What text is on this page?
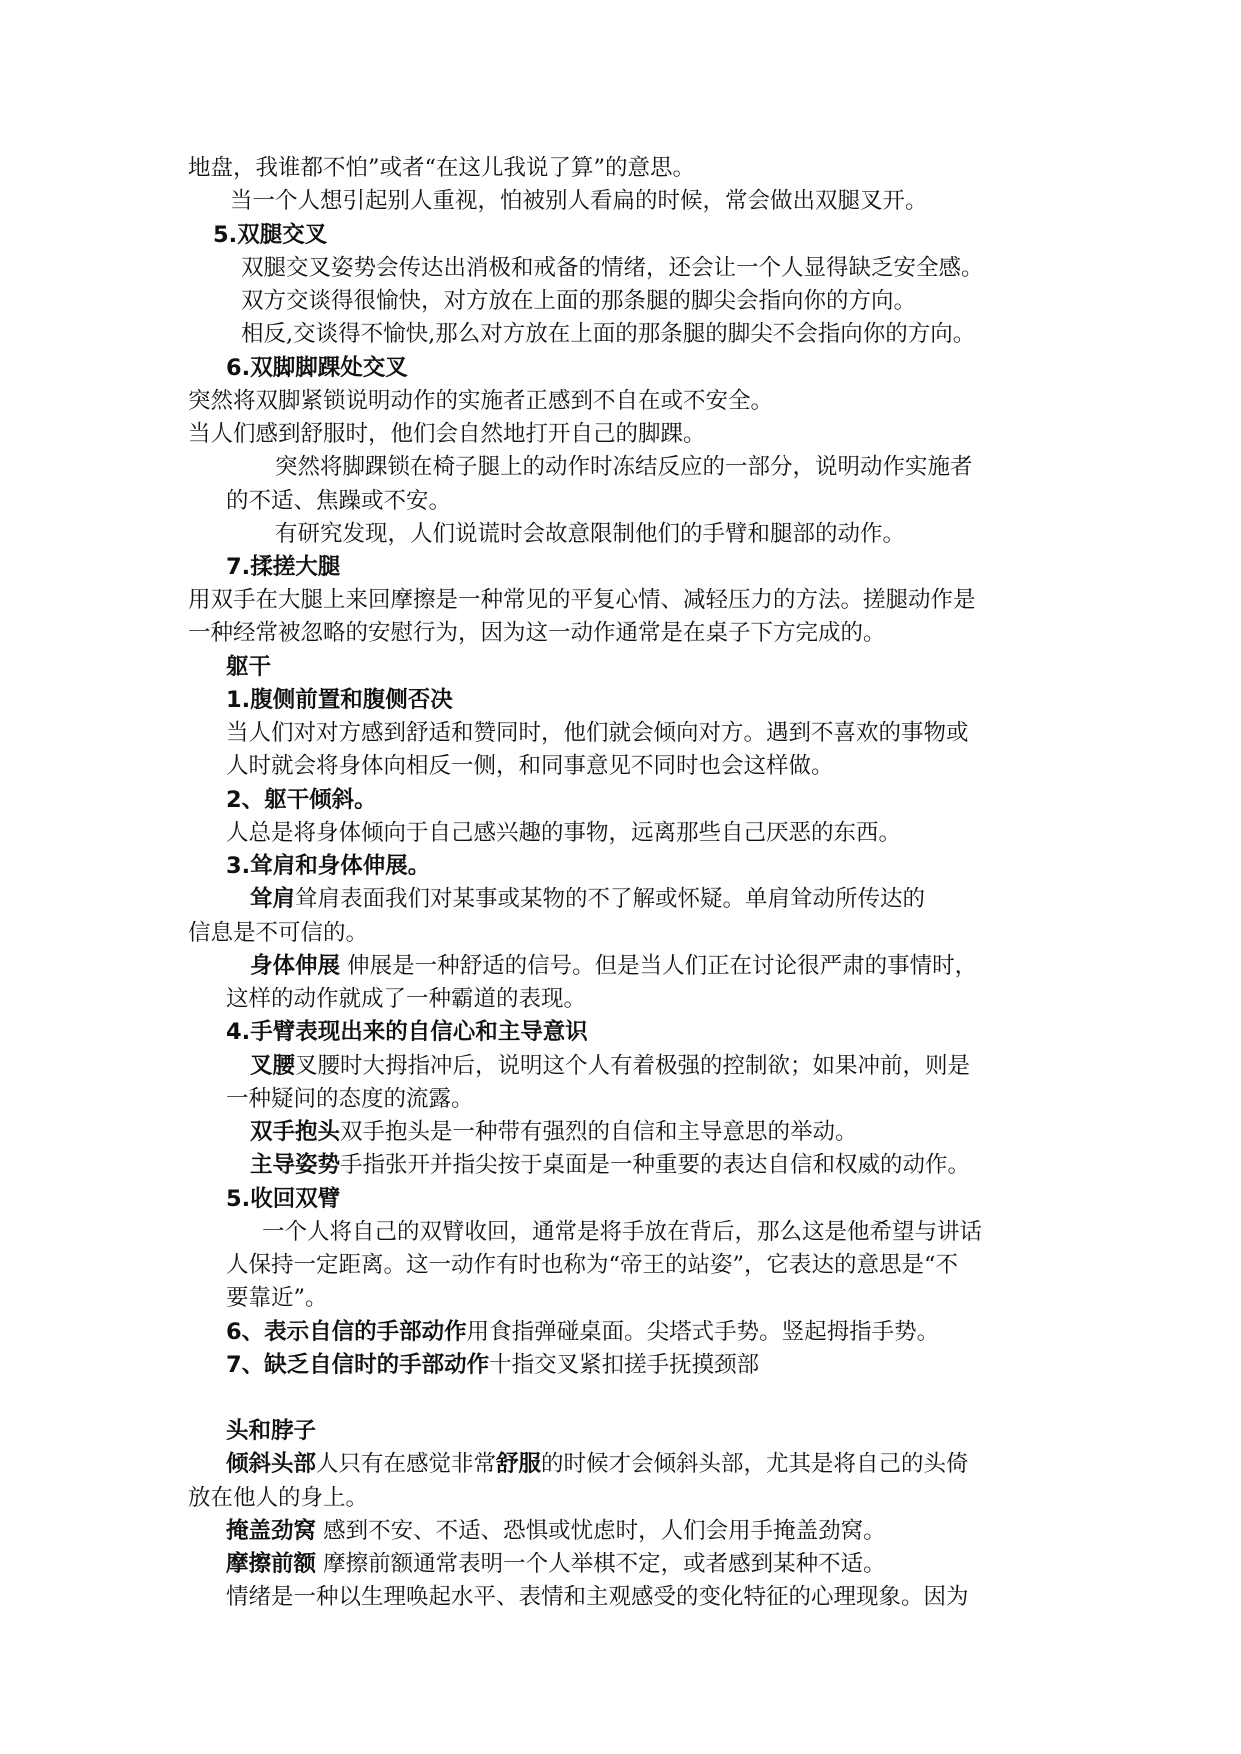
地盘，我谁都不怕”或者“在这儿我说了算”的意思。
当一个人想引起别人重视，怕被别人看扁的时候，常会做出双腿叉开。
5.双腿交叉
双腿交叉姿势会传达出消极和戒备的情绪，还会让一个人显得缺乏安全感。
双方交谈得很愉快，对方放在上面的那条腿的脚尖会指向你的方向。
相反,交谈得不愉快,那么对方放在上面的那条腿的脚尖不会指向你的方向。
6.双脚脚踝处交叉
突然将双脚紧锁说明动作的实施者正感到不自在或不安全。
当人们感到舒服时，他们会自然地打开自己的脚踝。
突然将脚踝锁在椅子腿上的动作时冻结反应的一部分，说明动作实施者
的不适、焦躁或不安。
有研究发现，人们说谎时会故意限制他们的手臂和腿部的动作。
7.揉搓大腿
用双手在大腿上来回摩擦是一种常见的平复心情、减轻压力的方法。搓腿动作是
一种经常被忽略的安慰行为，因为这一动作通常是在桌子下方完成的。
躯干
1.腹侧前置和腹侧否决
当人们对对方感到舒适和赞同时，他们就会倾向对方。遇到不喜欢的事物或
人时就会将身体向相反一侧，和同事意见不同时也会这样做。
2、躯干倾斜。
人总是将身体倾向于自己感兴趣的事物，远离那些自己厌恶的东西。
3.耸肩和身体伸展。
耸肩耸肩表面我们对某事或某物的不了解或怀疑。单肩耸动所传达的
信息是不可信的。
身体伸展 伸展是一种舒适的信号。但是当人们正在讨论很严肃的事情时，
这样的动作就成了一种霸道的表现。
4.手臂表现出来的自信心和主导意识
叉腰叉腰时大拇指冲后，说明这个人有着极强的控制欲；如果冲前，则是
一种疑问的态度的流露。
双手抱头双手抱头是一种带有强烈的自信和主导意思的举动。
主导姿势手指张开并指尖按于桌面是一种重要的表达自信和权威的动作。
5.收回双臂
一个人将自己的双臂收回，通常是将手放在背后，那么这是他希望与讲话
人保持一定距离。这一动作有时也称为“帝王的站姿”，它表达的意思是“不
要靠近”。
6、表示自信的手部动作用食指弹碰桌面。尖塔式手势。竖起拇指手势。
7、缺乏自信时的手部动作十指交叉紧扣搓手抚摸颈部
头和脖子
倾斜头部人只有在感觉非常舒服的时候才会倾斜头部，尤其是将自己的头倚
放在他人的身上。
掩盖劲窝 感到不安、不适、恐惧或忧虑时，人们会用手掩盖劲窝。
摩擦前额 摩擦前额通常表明一个人举棋不定，或者感到某种不适。
情绪是一种以生理唤起水平、表情和主观感受的变化特征的心理现象。因为
